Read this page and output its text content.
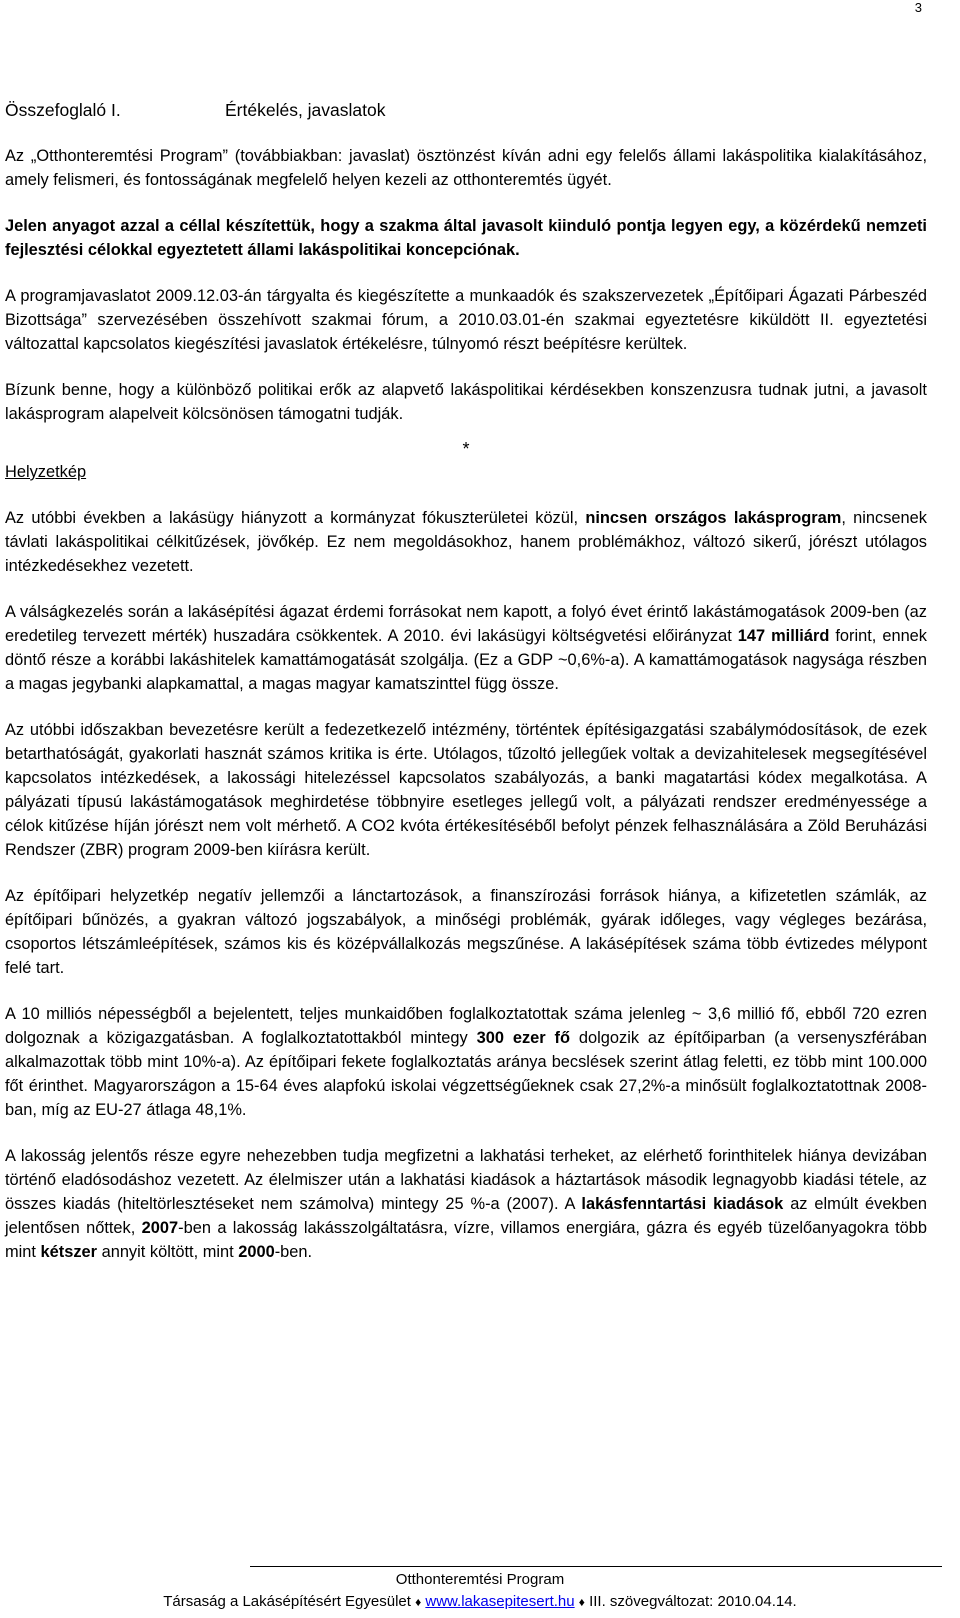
3
Összefoglaló I.	Értékelés, javaslatok

Az „Otthonteremtési Program” (továbbiakban: javaslat) ösztönzést kíván adni egy felelős állami lakáspolitika kialakításához, amely felismeri, és fontosságának megfelelő helyen kezeli az otthonteremtés ügyét.

Jelen anyagot azzal a céllal készítettük, hogy a szakma által javasolt kiinduló pontja legyen egy, a közérdekű nemzeti fejlesztési célokkal egyeztetett állami lakáspolitikai koncepciónak.

A programjavaslatot 2009.12.03-án tárgyalta és kiegészítette a munkaadók és szakszervezetek „Építőipari Ágazati Párbeszéd Bizottsága” szervezésében összehívott szakmai fórum, a 2010.03.01-én szakmai egyeztetésre kiküldött II. egyeztetési változattal kapcsolatos kiegészítési javaslatok értékelésre, túlnyomó részt beépítésre kerültek.

Bízunk benne, hogy a különböző politikai erők az alapvető lakáspolitikai kérdésekben konszenzusra tudnak jutni, a javasolt lakásprogram alapelveit kölcsönösen támogatni tudják.

*
Helyzetkép

Az utóbbi években a lakásügy hiányzott a kormányzat fókuszterületei közül, nincsen országos lakásprogram, nincsenek távlati lakáspolitikai célkitűzések, jövőkép. Ez nem megoldásokhoz, hanem problémákhoz, változó sikerű, jórészt utólagos intézkedésekhez vezetett.

A válságkezelés során a lakásépítési ágazat érdemi forrásokat nem kapott, a folyó évet érintő lakástámogatások 2009-ben (az eredetileg tervezett mérték) huszadára csökkentek. A 2010. évi lakásügyi költségvetési előirányzat 147 milliárd forint, ennek döntő része a korábbi lakáshitelek kamattámogatását szolgálja. (Ez a GDP ~0,6%-a). A kamattámogatások nagysága részben a magas jegybanki alapkamattal, a magas magyar kamatszinttel függ össze.

Az utóbbi időszakban bevezetésre került a fedezetkezelő intézmény, történtek építésigazgatási szabálymódosítások, de ezek betarthatóságát, gyakorlati hasznát számos kritika is érte. Utólagos, tűzoltó jellegűek voltak a devizahitelesek megsegítésével kapcsolatos intézkedések, a lakossági hitelezéssel kapcsolatos szabályozás, a banki magatartási kódex megalkotása. A pályázati típusú lakástámogatások meghirdetése többnyire esetleges jellegű volt, a pályázati rendszer eredményessége a célok kitűzése híján jórészt nem volt mérhető. A CO2 kvóta értékesítéséből befolyt pénzek felhasználására a Zöld Beruházási Rendszer (ZBR) program 2009-ben kiírásra került.

Az építőipari helyzetkép negatív jellemzői a lánctartozások, a finanszírozási források hiánya, a kifizetetlen számlák, az építőipari bűnözés, a gyakran változó jogszabályok, a minőségi problémák, gyárak időleges, vagy végleges bezárása, csoportos létszámleépítések, számos kis és középvállalkozás megszűnése. A lakásépítések száma több évtizedes mélypont felé tart.

A 10 milliós népességből a bejelentett, teljes munkaidőben foglalkoztatottak száma jelenleg ~ 3,6 millió fő, ebből 720 ezren dolgoznak a közigazgatásban. A foglalkoztatottakból mintegy 300 ezer fő dolgozik az építőiparban (a versenyszférában alkalmazottak több mint 10%-a). Az építőipari fekete foglalkoztatás aránya becslések szerint átlag feletti, ez több mint 100.000 főt érinthet. Magyarországon a 15-64 éves alapfokú iskolai végzettségűeknek csak 27,2%-a minősült foglalkoztatottnak 2008-ban, míg az EU-27 átlaga 48,1%.

A lakosság jelentős része egyre nehezebben tudja megfizetni a lakhatási terheket, az elérhető forinthitelek hiánya devizában történő eladósodáshoz vezetett. Az élelmiszer után a lakhatási kiadások a háztartások második legnagyobb kiadási tétele, az összes kiadás (hiteltörlesztéseket nem számolva) mintegy 25 %-a (2007). A lakásfenntartási kiadások az elmúlt években jelentősen nőttek, 2007-ben a lakosság lakásszolgáltatásra, vízre, villamos energiára, gázra és egyéb tüzelőanyagokra több mint kétszer annyit költött, mint 2000-ben.

Otthonteremtési Program
Társaság a Lakásépítésért Egyesület ♦ www.lakasepitesert.hu ♦ III. szövegváltozat: 2010.04.14.
